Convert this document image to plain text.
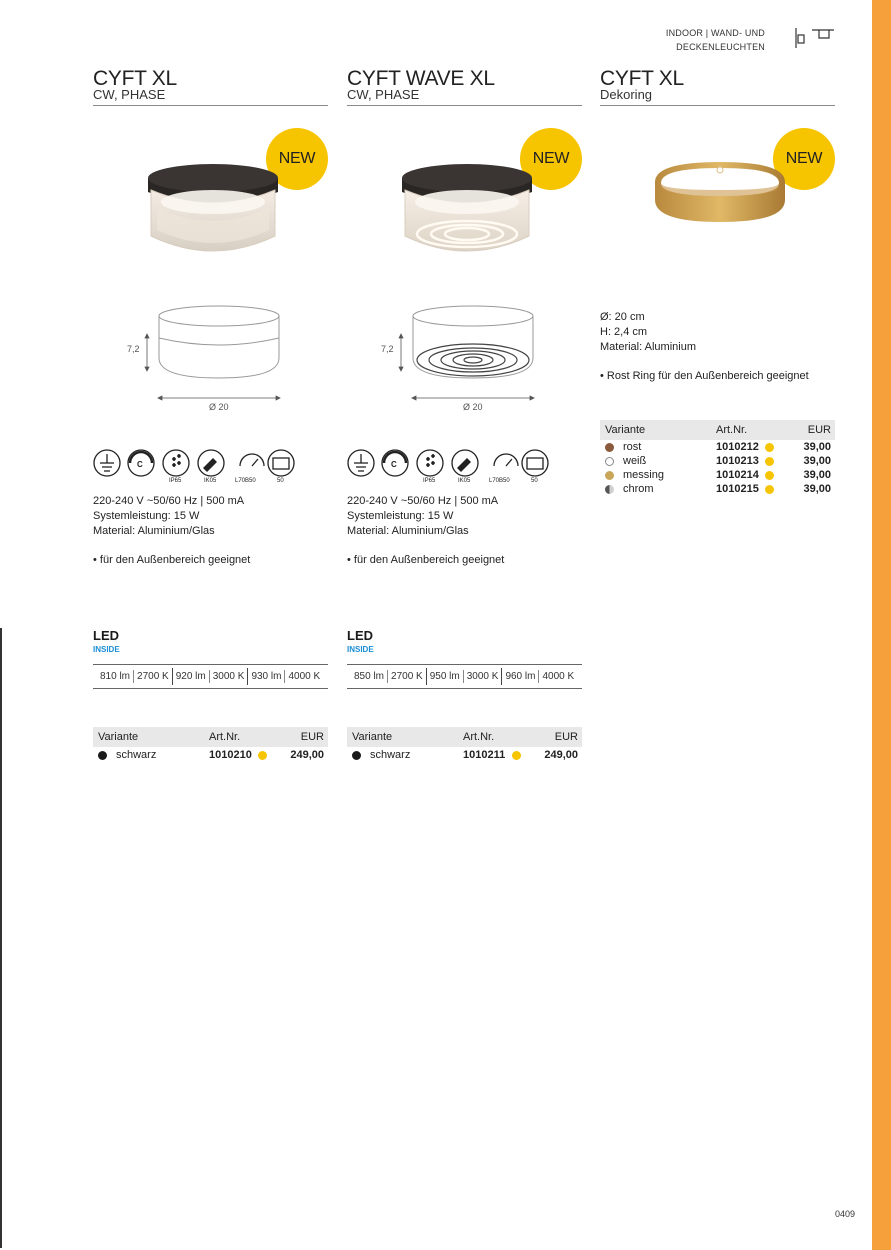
INDOOR | WAND- UND
DECKENLEUCHTEN
CYFT XL
CW, PHASE
NEW
7,2
Ø 20
C
IP65	IK05	L70B50	50
220-240 V ~50/60 Hz | 500 mA
Systemleistung: 15 W
Material: Aluminium/Glas
• für den Außenbereich geeignet
LED
INSIDE
810 lm 2700 K 920 lm 3000 K 930 lm 4000 K
Variante	Art.Nr.	EUR
schwarz	1010210	249,00
CYFT WAVE XL
CW, PHASE
NEW
7,2
Ø 20
C
IP65	IK05	L70B50	50
220-240 V ~50/60 Hz | 500 mA
Systemleistung: 15 W
Material: Aluminium/Glas
• für den Außenbereich geeignet
LED
INSIDE
850 lm 2700 K 950 lm 3000 K 960 lm 4000 K
Variante	Art.Nr.	EUR
schwarz	1010211	249,00
CYFT XL
Dekoring
NEW
Ø: 20 cm
H: 2,4 cm
Material: Aluminium
• Rost Ring für den Außenbereich geeignet
Variante	Art.Nr.	EUR
rost	1010212	39,00
weiß	1010213	39,00
messing	1010214	39,00
chrom	1010215	39,00
0409
